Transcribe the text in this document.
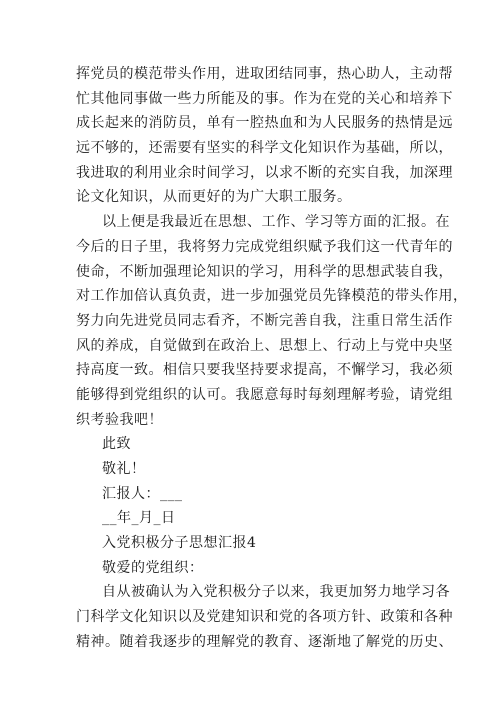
挥党员的模范带头作用，进取团结同事，热心助人，主动帮
忙其他同事做一些力所能及的事。作为在党的关心和培养下
成长起来的消防员，单有一腔热血和为人民服务的热情是远
远不够的，还需要有坚实的科学文化知识作为基础，所以，
我进取的利用业余时间学习，以求不断的充实自我，加深理
论文化知识，从而更好的为广大职工服务。
以上便是我最近在思想、工作、学习等方面的汇报。在
今后的日子里，我将努力完成党组织赋予我们这一代青年的
使命，不断加强理论知识的学习，用科学的思想武装自我，
对工作加倍认真负责，进一步加强党员先锋模范的带头作用，
努力向先进党员同志看齐，不断完善自我，注重日常生活作
风的养成，自觉做到在政治上、思想上、行动上与党中央坚
持高度一致。相信只要我坚持要求提高，不懈学习，我必须
能够得到党组织的认可。我愿意每时每刻理解考验，请党组
织考验我吧！
此致
敬礼！
汇报人：___
__年_月_日
入党积极分子思想汇报4
敬爱的党组织：
自从被确认为入党积极分子以来，我更加努力地学习各
门科学文化知识以及党建知识和党的各项方针、政策和各种
精神。随着我逐步的理解党的教育、逐渐地了解党的历史、
